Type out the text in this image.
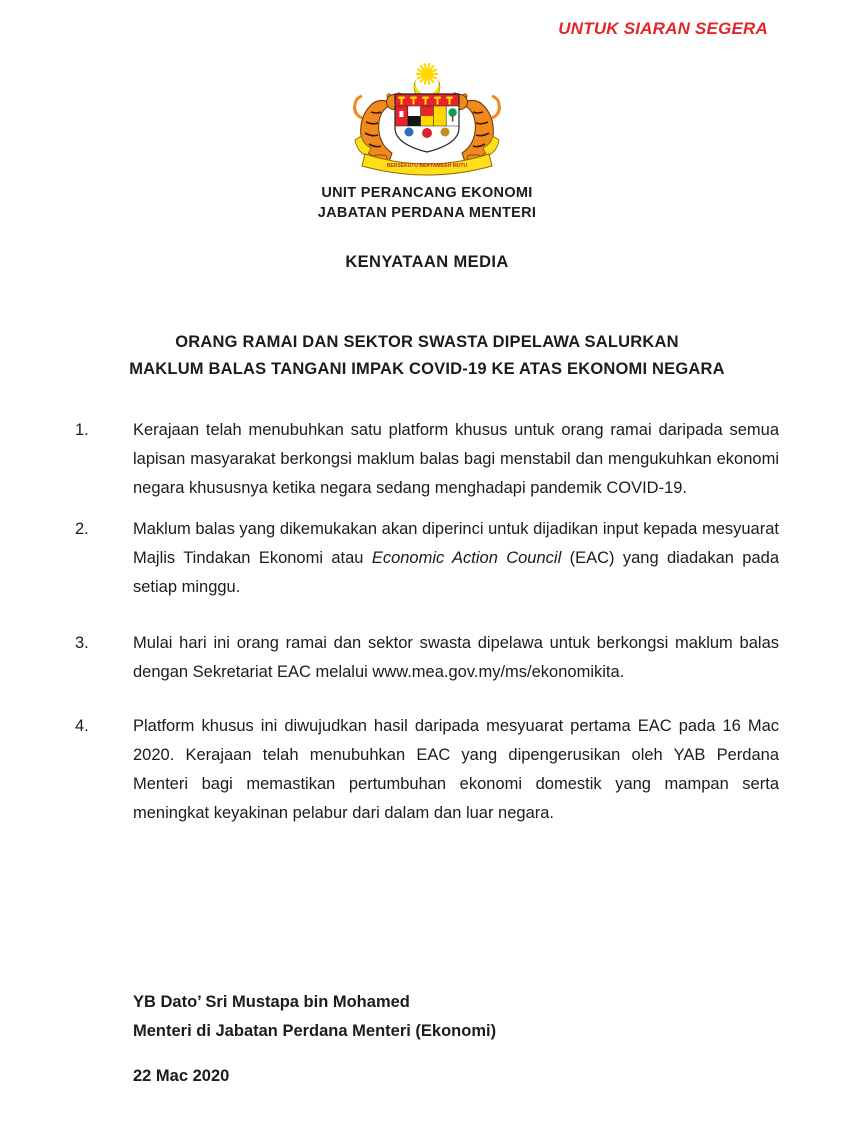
UNTUK SIARAN SEGERA
BERSEKUTU BERTAMBAH MUTU
UNIT PERANCANG EKONOMI
JABATAN PERDANA MENTERI
KENYATAAN MEDIA
ORANG RAMAI DAN SEKTOR SWASTA DIPELAWA SALURKAN
MAKLUM BALAS TANGANI IMPAK COVID-19 KE ATAS EKONOMI NEGARA
1.	Kerajaan telah menubuhkan satu platform khusus untuk orang ramai daripada semua lapisan masyarakat berkongsi maklum balas bagi menstabil dan mengukuhkan ekonomi negara khususnya ketika negara sedang menghadapi pandemik COVID-19.
2.	Maklum balas yang dikemukakan akan diperinci untuk dijadikan input kepada mesyuarat Majlis Tindakan Ekonomi atau Economic Action Council (EAC) yang diadakan pada setiap minggu.
3.	Mulai hari ini orang ramai dan sektor swasta dipelawa untuk berkongsi maklum balas dengan Sekretariat EAC melalui www.mea.gov.my/ms/ekonomikita.
4.	Platform khusus ini diwujudkan hasil daripada mesyuarat pertama EAC pada 16 Mac 2020. Kerajaan telah menubuhkan EAC yang dipengerusikan oleh YAB Perdana Menteri bagi memastikan pertumbuhan ekonomi domestik yang mampan serta meningkat keyakinan pelabur dari dalam dan luar negara.
YB Dato’ Sri Mustapa bin Mohamed
Menteri di Jabatan Perdana Menteri (Ekonomi)
22 Mac 2020
